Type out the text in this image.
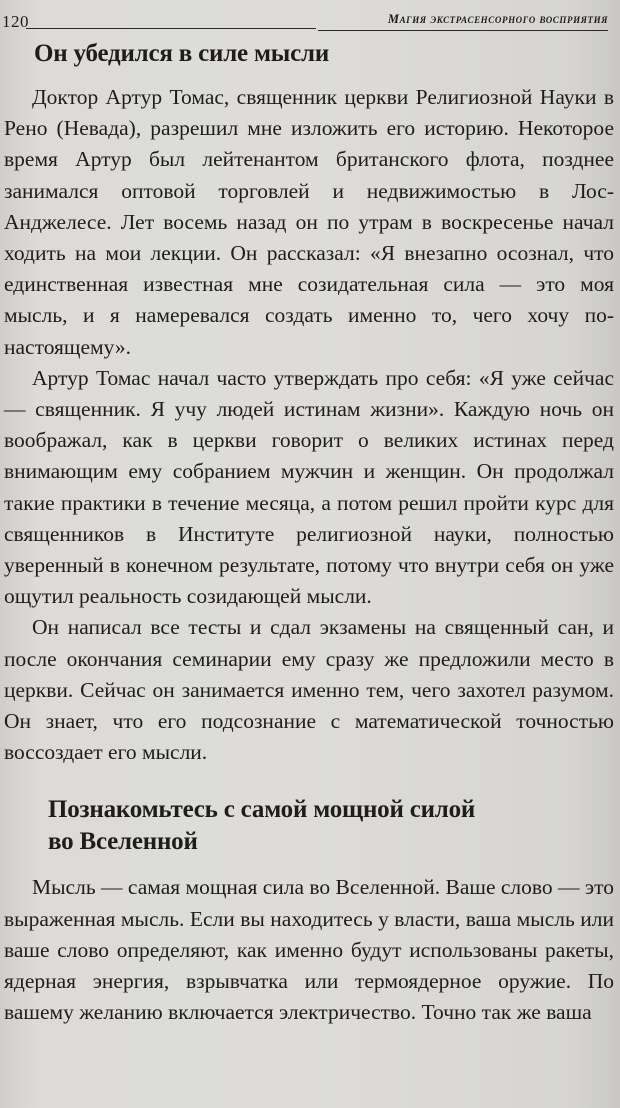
120	Магия экстрасенсорного восприятия
Он убедился в силе мысли

Доктор Артур Томас, священник церкви Религиозной Науки в Рено (Невада), разрешил мне изложить его историю. Некоторое время Артур был лейтенантом британского флота, позднее занимался оптовой торговлей и недвижимостью в Лос-Анджелесе. Лет восемь назад он по утрам в воскресенье начал ходить на мои лекции. Он рассказал: «Я внезапно осознал, что единственная известная мне созидательная сила — это моя мысль, и я намеревался создать именно то, чего хочу по-настоящему».

Артур Томас начал часто утверждать про себя: «Я уже сейчас — священник. Я учу людей истинам жизни». Каждую ночь он воображал, как в церкви говорит о великих истинах перед внимающим ему собранием мужчин и женщин. Он продолжал такие практики в течение месяца, а потом решил пройти курс для священников в Институте религиозной науки, полностью уверенный в конечном результате, потому что внутри себя он уже ощутил реальность созидающей мысли.

Он написал все тесты и сдал экзамены на священный сан, и после окончания семинарии ему сразу же предложили место в церкви. Сейчас он занимается именно тем, чего захотел разумом. Он знает, что его подсознание с математической точностью воссоздает его мысли.

Познакомьтесь с самой мощной силой
во Вселенной

Мысль — самая мощная сила во Вселенной. Ваше слово — это выраженная мысль. Если вы находитесь у власти, ваша мысль или ваше слово определяют, как именно будут использованы ракеты, ядерная энергия, взрывчатка или термоядерное оружие. По вашему желанию включается электричество. Точно так же ваша
